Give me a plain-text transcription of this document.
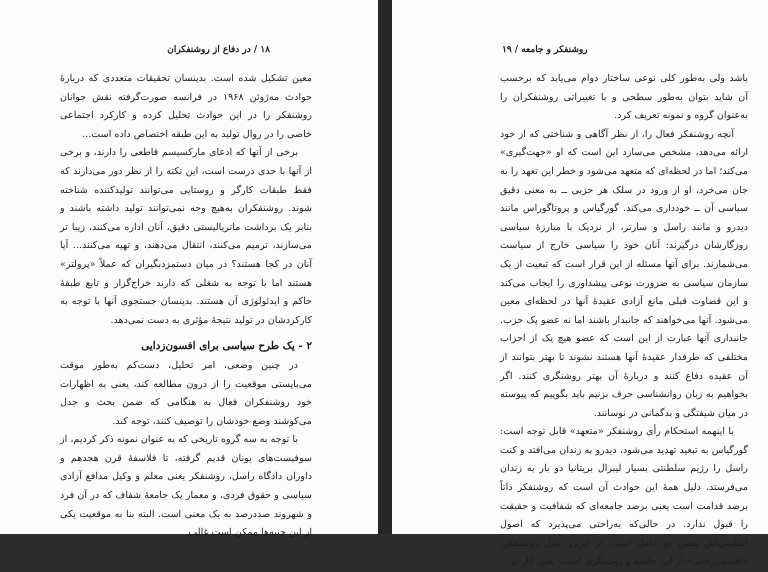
۱۸ / در دفاع از روشنفکران

معین تشکیل شده است. بدینسان تحقیقات متعددی که دربارهٔ حوادث مه‌ژوئن ۱۹۶۸ در فرانسه صورت‌گرفته نقش جوانان روشنفکر را در این حوادث تحلیل کرده و کارکرد اجتماعی خاصی را در روال تولید به این طبقه اختصاص داده است...

برخی از آنها که ادعای مارکسیسم قاطعی را دارند، و برخی از آنها با حدی درست است، این نکته را از نظر دور می‌دارند که فقط طبقات کارگر و روستایی می‌توانند تولیدکننده شناخته شوند. روشنفکران به‌هیچ وجه نمی‌توانند تولید داشته باشند و بنابر یک برداشت ماتریالیستی دقیق، آنان اداره می‌کنند، زیبا تر می‌سازند، ترمیم می‌کنند، انتقال می‌دهند، و تهیه می‌کنند... آیا آنان در کجا هستند؟ در میان دستمزدبگیران که عملاً «پرولتر» هستند اما با توجه به شغلی که دارند خراج‌گزار و تابع طبقهٔ حاکم و ایدئولوژی آن هستند. بدینسان جستجوی آنها با توجه به کارکردشان در تولید نتیجهٔ مؤثری به دست نمی‌دهد.

۲ - یک طرح سیاسی برای افسون‌زدایی

در چنین وضعی، امر تحلیل، دست‌کم به‌طور موقت می‌بایستی موقعیت را از درون مطالعه کند، یعنی به اظهارات خود روشنفکران فعال به هنگامی که ضمن بحث و جدل می‌کوشند وضع خودشان را توصیف کنند، توجه کند.

با توجه به سه گروه تاریخی که به عنوان نمونه ذکر کردیم، از سوفیست‌های یونان قدیم گرفته، تا فلاسفهٔ قرن هجدهم و داوران دادگاه راسل، روشنفکر یعنی معلم و وکیل مدافع آزادی سیاسی و حقوق فردی، و معمار یک جامعهٔ شفاف که در آن فرد و شهروند صددرصد به یک معنی است. البته بنا به موقعیت یکی از این جنبه‌ها ممکن است غالب

روشنفکر و جامعه / ۱۹

باشد ولی به‌طور کلی نوعی ساختار دوام می‌یابد که برحسب آن شاید بتوان به‌طور سطحی و با تغییراتی روشنفکران را به‌عنوان گروه و نمونه تعریف کرد.

آنچه روشنفکر فعال را، از نظر آگاهی و شناختی که از خود ارائه می‌دهد، مشخص می‌سازد این است که او «جهت‌گیری» می‌کند؛ اما در لحظه‌ای که متعهد می‌شود و خطر این تعهد را به جان می‌خرد، او از ورود در سلک هر حزبی ــ به معنی دقیق سیاسی آن ــ خودداری می‌کند. گورگیاس و پروتاگوراس مانند دیدرو و مانند راسل و سارتر، از نزدیک با مبارزهٔ سیاسی روزگارشان درگیرند: آنان خود را سیاسی خارج از سیاست می‌شمارند. برای آنها مسئله از این قرار است که تبعیت از یک سازمان سیاسی به ضرورت نوعی پیشداوری را ایجاب می‌کند و این قضاوت قبلی مانع آزادی عقیدهٔ آنها در لحظه‌ای معین می‌شود. آنها می‌خواهند که جانبدار باشند اما نه عضو یک حزب. جانبداری آنها عبارت از این است که عضو هیچ یک از احزاب مختلفی که طرفدار عقیدهٔ آنها هستند نشوند تا بهتر بتوانند از آن عقیده دفاع کنند و دربارهٔ آن بهتر روشنگری کنند. اگر بخواهیم به زبان روانشناسی حرف بزنیم باید بگوییم که پیوسته در میان شیفتگی و بدگمانی در نوسانند.

با اینهمه استحکام رأی روشنفکر «متعهد» قابل توجه است: گورگیاس به تبعید تهدید می‌شود، دیدرو به زندان می‌افتد و کنت راسل را رژیم سلطنتی بسیار لیبرال بریتانیا دو بار به زندان می‌فرستد. دلیل همهٔ این حوادث آن است که روشنفکر ذاتاً برضد قدامت است یعنی برضد جامعه‌ای که شفافیت و حقیقت را قبول ندارد. در حالی‌که به‌راحتی می‌پذیرد که اصول اساسی‌اش همین دو عامل است. از این‌رو عمل روشنفکر، «افسون‌زدایی» از این جامعه و روشنگری است: یعنی کار او
